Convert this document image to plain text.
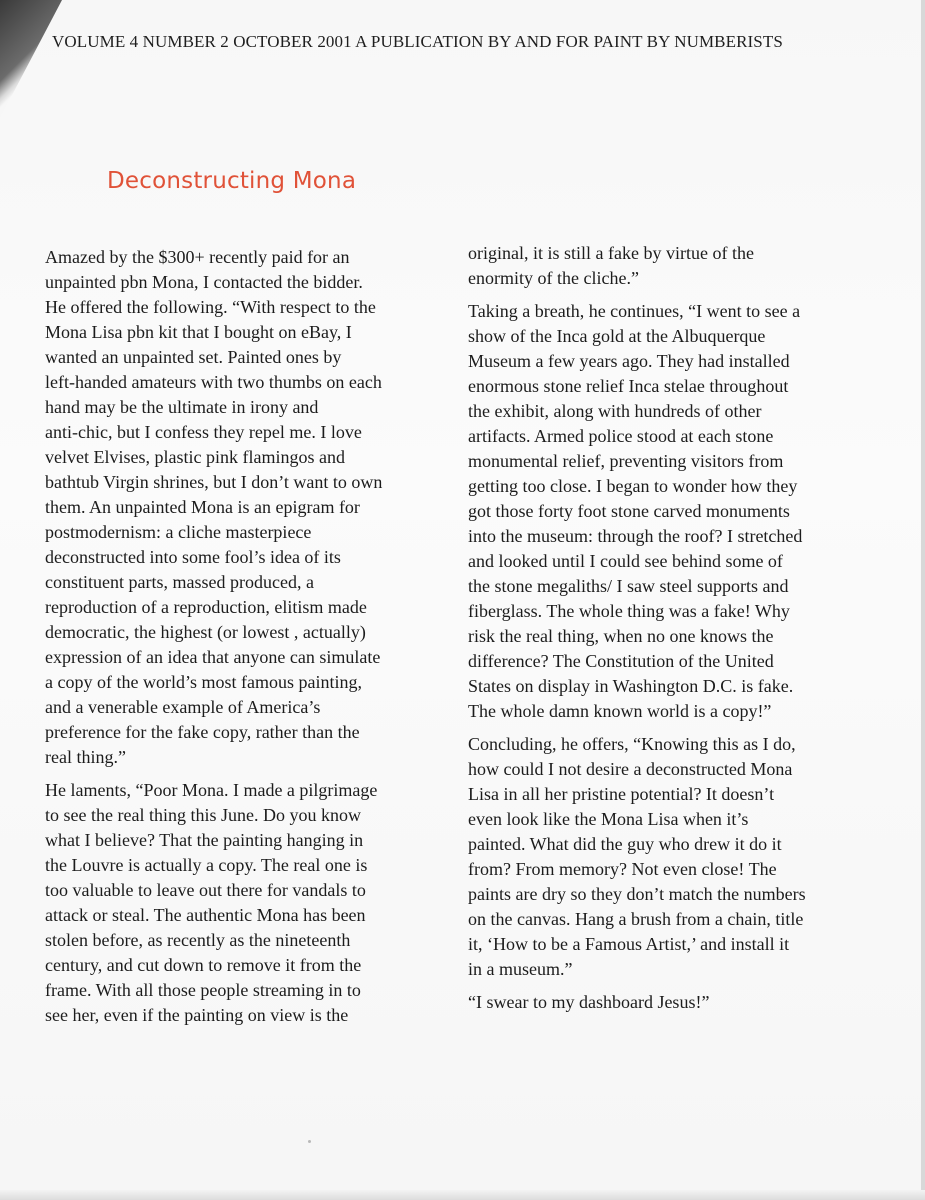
VOLUME 4 NUMBER 2 OCTOBER 2001 A PUBLICATION BY AND FOR PAINT BY NUMBERISTS
Deconstructing Mona

Amazed by the $300+ recently paid for an
unpainted pbn Mona, I contacted the bidder.
He offered the following. “With respect to the
Mona Lisa pbn kit that I bought on eBay, I
wanted an unpainted set. Painted ones by
left-handed amateurs with two thumbs on each
hand may be the ultimate in irony and
anti-chic, but I confess they repel me. I love
velvet Elvises, plastic pink flamingos and
bathtub Virgin shrines, but I don’t want to own
them. An unpainted Mona is an epigram for
postmodernism: a cliche masterpiece
deconstructed into some fool’s idea of its
constituent parts, massed produced, a
reproduction of a reproduction, elitism made
democratic, the highest (or lowest , actually)
expression of an idea that anyone can simulate
a copy of the world’s most famous painting,
and a venerable example of America’s
preference for the fake copy, rather than the
real thing.”

He laments, “Poor Mona. I made a pilgrimage
to see the real thing this June. Do you know
what I believe? That the painting hanging in
the Louvre is actually a copy. The real one is
too valuable to leave out there for vandals to
attack or steal. The authentic Mona has been
stolen before, as recently as the nineteenth
century, and cut down to remove it from the
frame. With all those people streaming in to
see her, even if the painting on view is the

original, it is still a fake by virtue of the
enormity of the cliche.”

Taking a breath, he continues, “I went to see a
show of the Inca gold at the Albuquerque
Museum a few years ago. They had installed
enormous stone relief Inca stelae throughout
the exhibit, along with hundreds of other
artifacts. Armed police stood at each stone
monumental relief, preventing visitors from
getting too close. I began to wonder how they
got those forty foot stone carved monuments
into the museum: through the roof? I stretched
and looked until I could see behind some of
the stone megaliths/ I saw steel supports and
fiberglass. The whole thing was a fake! Why
risk the real thing, when no one knows the
difference? The Constitution of the United
States on display in Washington D.C. is fake.
The whole damn known world is a copy!”

Concluding, he offers, “Knowing this as I do,
how could I not desire a deconstructed Mona
Lisa in all her pristine potential? It doesn’t
even look like the Mona Lisa when it’s
painted. What did the guy who drew it do it
from? From memory? Not even close! The
paints are dry so they don’t match the numbers
on the canvas. Hang a brush from a chain, title
it, ‘How to be a Famous Artist,’ and install it
in a museum.”

“I swear to my dashboard Jesus!”
